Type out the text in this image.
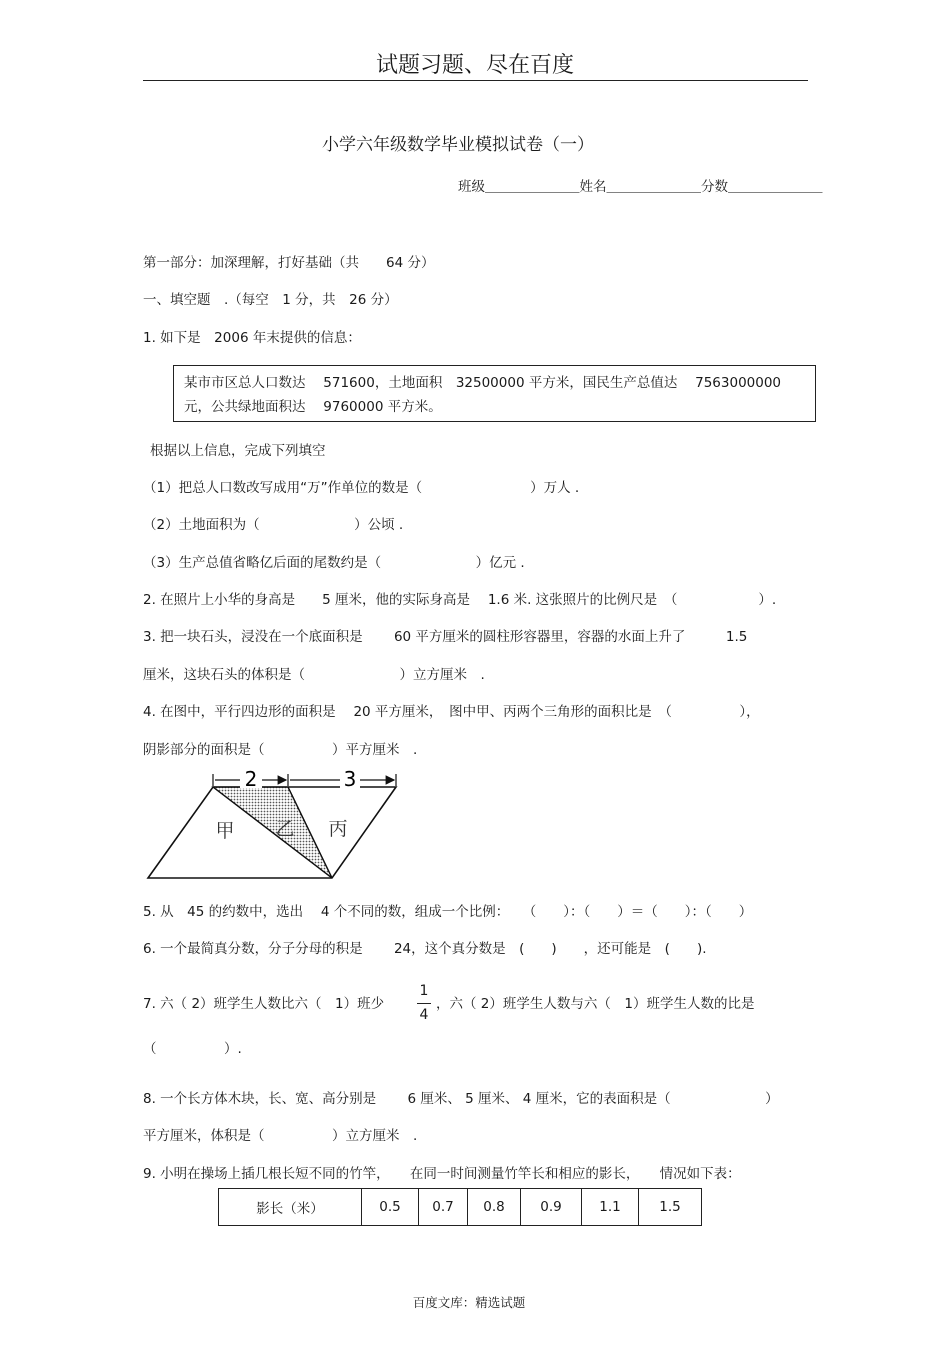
试题习题、尽在百度
小学六年级数学毕业模拟试卷（一）
班级＿＿＿＿＿＿＿姓名＿＿＿＿＿＿＿分数＿＿＿＿＿＿＿
第一部分：加深理解，打好基础（共　　64 分）
一、填空题　.（每空　1 分，共　26 分）
1. 如下是　2006 年末提供的信息：
某市市区总人口数达　 571600，土地面积　32500000 平方米，国民生产总值达　 7563000000
元，公共绿地面积达　 9760000 平方米。
根据以上信息，完成下列填空
（1）把总人口数改写成用“万”作单位的数是（　　　　　　　　）万人 .
（2）土地面积为（　　　　　　　）公顷 .
（3）生产总值省略亿后面的尾数约是（　　　　　　　）亿元 .
2. 在照片上小华的身高是　　5 厘米，他的实际身高是　 1.6 米. 这张照片的比例尺是　（　　　　　　）.
3. 把一块石头，浸没在一个底面积是　　 60 平方厘米的圆柱形容器里，容器的水面上升了　　　1.5
厘米，这块石头的体积是（　　　　　　　）立方厘米　.
4. 在图中，平行四边形的面积是　 20 平方厘米，　图中甲、丙两个三角形的面积比是　（　　　　　），
阴影部分的面积是（　　　　　）平方厘米　.
2	3
甲 乙 丙
5. 从　45 的约数中，选出　 4 个不同的数，组成一个比例：　　（　　）：（　　）＝（　　）：（　　）
6. 一个最简真分数，分子分母的积是　　 24，这个真分数是　(　　)　　，还可能是　(　　).
7. 六（ 2）班学生人数比六（　1）班少
1
4
，六（ 2）班学生人数与六（　1）班学生人数的比是
（　　　　　）.
8. 一个长方体木块，长、宽、高分别是　　 6 厘米、 5 厘米、 4 厘米，它的表面积是（　　　　　　　）
平方厘米，体积是（　　　　　）立方厘米　.
9. 小明在操场上插几根长短不同的竹竿，　　在同一时间测量竹竿长和相应的影长，　　情况如下表：
影长（米）	0.5	0.7	0.8	0.9	1.1	1.5
百度文库：精选试题
